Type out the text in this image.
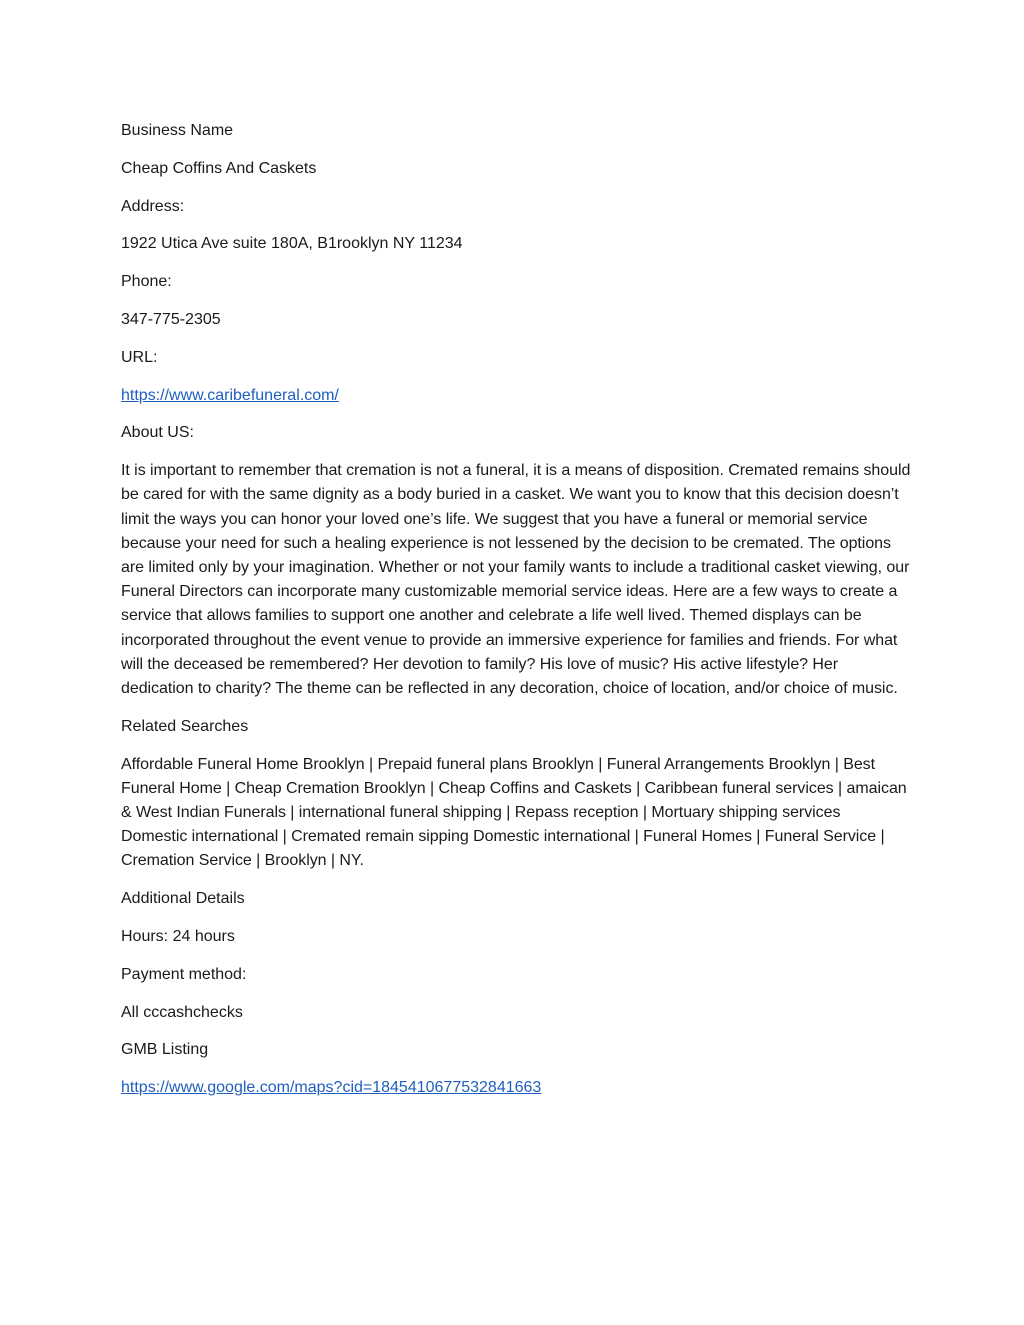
Business Name

Cheap Coffins And Caskets

Address:

1922 Utica Ave suite 180A, B1rooklyn NY 11234

Phone:

347-775-2305

URL:

https://www.caribefuneral.com/

About US:

It is important to remember that cremation is not a funeral, it is a means of disposition. Cremated remains should be cared for with the same dignity as a body buried in a casket. We want you to know that this decision doesn’t limit the ways you can honor your loved one’s life. We suggest that you have a funeral or memorial service because your need for such a healing experience is not lessened by the decision to be cremated. The options are limited only by your imagination. Whether or not your family wants to include a traditional casket viewing, our Funeral Directors can incorporate many customizable memorial service ideas. Here are a few ways to create a service that allows families to support one another and celebrate a life well lived. Themed displays can be incorporated throughout the event venue to provide an immersive experience for families and friends. For what will the deceased be remembered? Her devotion to family? His love of music? His active lifestyle? Her dedication to charity? The theme can be reflected in any decoration, choice of location, and/or choice of music.

Related Searches

Affordable Funeral Home Brooklyn | Prepaid funeral plans Brooklyn | Funeral Arrangements Brooklyn | Best Funeral Home | Cheap Cremation Brooklyn | Cheap Coffins and Caskets | Caribbean funeral services | amaican & West Indian Funerals | international funeral shipping | Repass reception | Mortuary shipping services Domestic international | Cremated remain sipping Domestic international | Funeral Homes | Funeral Service | Cremation Service | Brooklyn | NY.

Additional Details

Hours: 24 hours

Payment method:

All cccashchecks

GMB Listing

https://www.google.com/maps?cid=1845410677532841663
